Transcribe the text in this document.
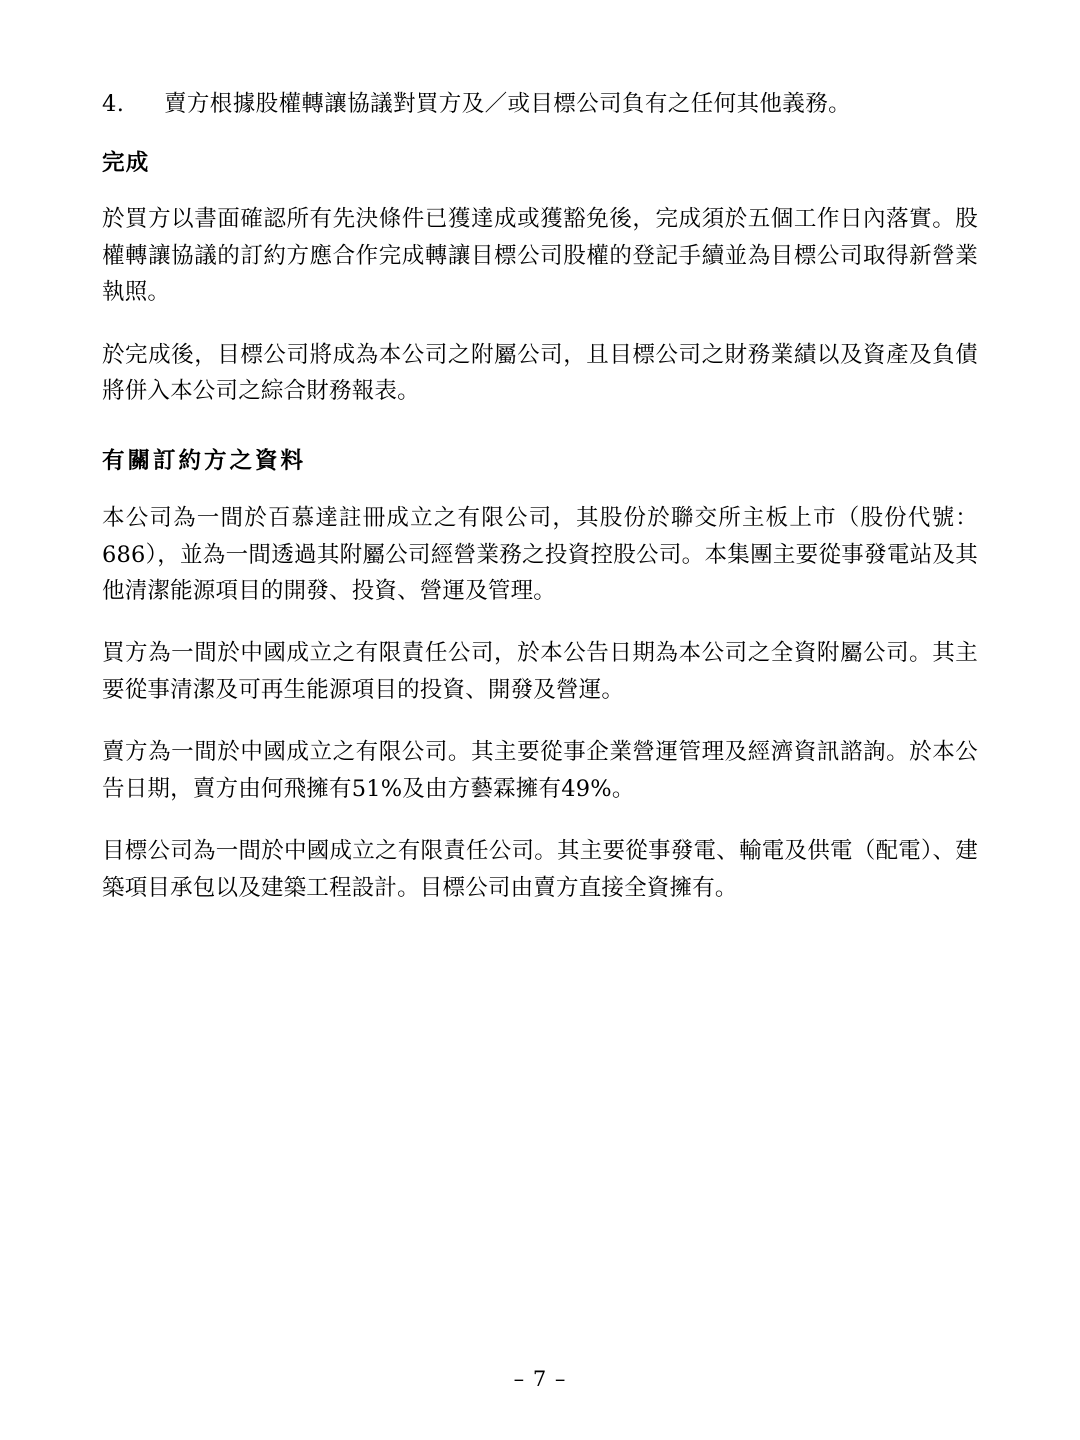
4.	賣方根據股權轉讓協議對買方及／或目標公司負有之任何其他義務。
完成

於買方以書面確認所有先決條件已獲達成或獲豁免後，完成須於五個工作日內落實。股權轉讓協議的訂約方應合作完成轉讓目標公司股權的登記手續並為目標公司取得新營業執照。

於完成後，目標公司將成為本公司之附屬公司，且目標公司之財務業績以及資產及負債將併入本公司之綜合財務報表。

有關訂約方之資料

本公司為一間於百慕達註冊成立之有限公司，其股份於聯交所主板上市（股份代號：686），並為一間透過其附屬公司經營業務之投資控股公司。本集團主要從事發電站及其他清潔能源項目的開發、投資、營運及管理。

買方為一間於中國成立之有限責任公司，於本公告日期為本公司之全資附屬公司。其主要從事清潔及可再生能源項目的投資、開發及營運。

賣方為一間於中國成立之有限公司。其主要從事企業營運管理及經濟資訊諮詢。於本公告日期，賣方由何飛擁有51%及由方藝霖擁有49%。

目標公司為一間於中國成立之有限責任公司。其主要從事發電、輸電及供電（配電）、建築項目承包以及建築工程設計。目標公司由賣方直接全資擁有。

– 7 –
